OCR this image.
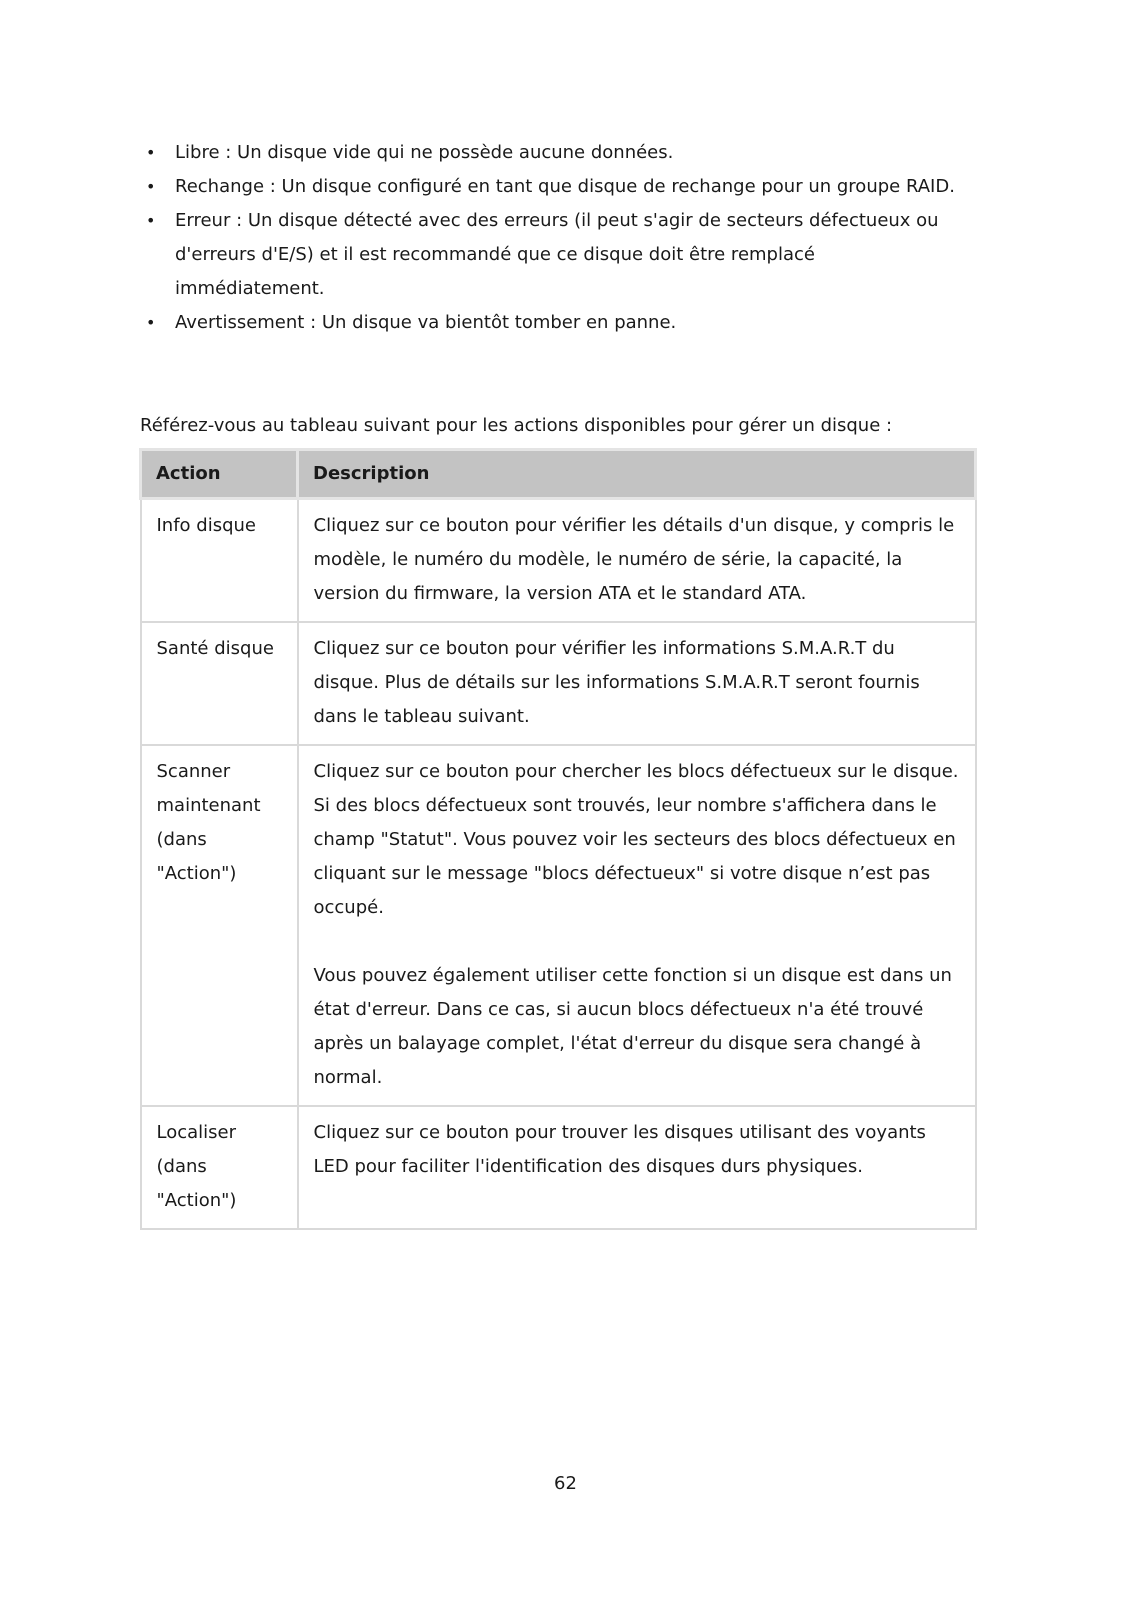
• Libre : Un disque vide qui ne possède aucune données.
• Rechange : Un disque configuré en tant que disque de rechange pour un groupe RAID.
• Erreur : Un disque détecté avec des erreurs (il peut s'agir de secteurs défectueux ou d'erreurs d'E/S) et il est recommandé que ce disque doit être remplacé immédiatement.
• Avertissement : Un disque va bientôt tomber en panne.

Référez-vous au tableau suivant pour les actions disponibles pour gérer un disque :

Action	Description
Info disque	Cliquez sur ce bouton pour vérifier les détails d'un disque, y compris le modèle, le numéro du modèle, le numéro de série, la capacité, la version du firmware, la version ATA et le standard ATA.
Santé disque	Cliquez sur ce bouton pour vérifier les informations S.M.A.R.T du disque. Plus de détails sur les informations S.M.A.R.T seront fournis dans le tableau suivant.
Scanner maintenant (dans "Action")	Cliquez sur ce bouton pour chercher les blocs défectueux sur le disque. Si des blocs défectueux sont trouvés, leur nombre s'affichera dans le champ "Statut". Vous pouvez voir les secteurs des blocs défectueux en cliquant sur le message "blocs défectueux" si votre disque n’est pas occupé.
Vous pouvez également utiliser cette fonction si un disque est dans un état d'erreur. Dans ce cas, si aucun blocs défectueux n'a été trouvé après un balayage complet, l'état d'erreur du disque sera changé à normal.
Localiser (dans "Action")	Cliquez sur ce bouton pour trouver les disques utilisant des voyants LED pour faciliter l'identification des disques durs physiques.
62
